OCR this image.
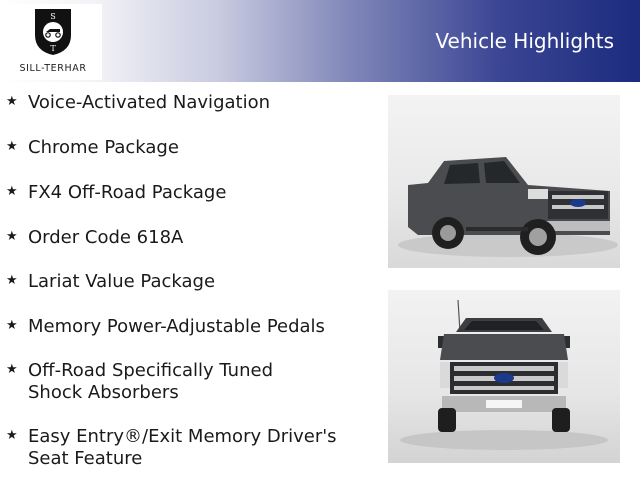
S
T
SILL-TERHAR
Vehicle Highlights
★ Voice-Activated Navigation
★ Chrome Package
★ FX4 Off-Road Package
★ Order Code 618A
★ Lariat Value Package
★ Memory Power-Adjustable Pedals
★ Off-Road Specifically Tuned Shock Absorbers
★ Easy Entry®/Exit Memory Driver's Seat Feature
